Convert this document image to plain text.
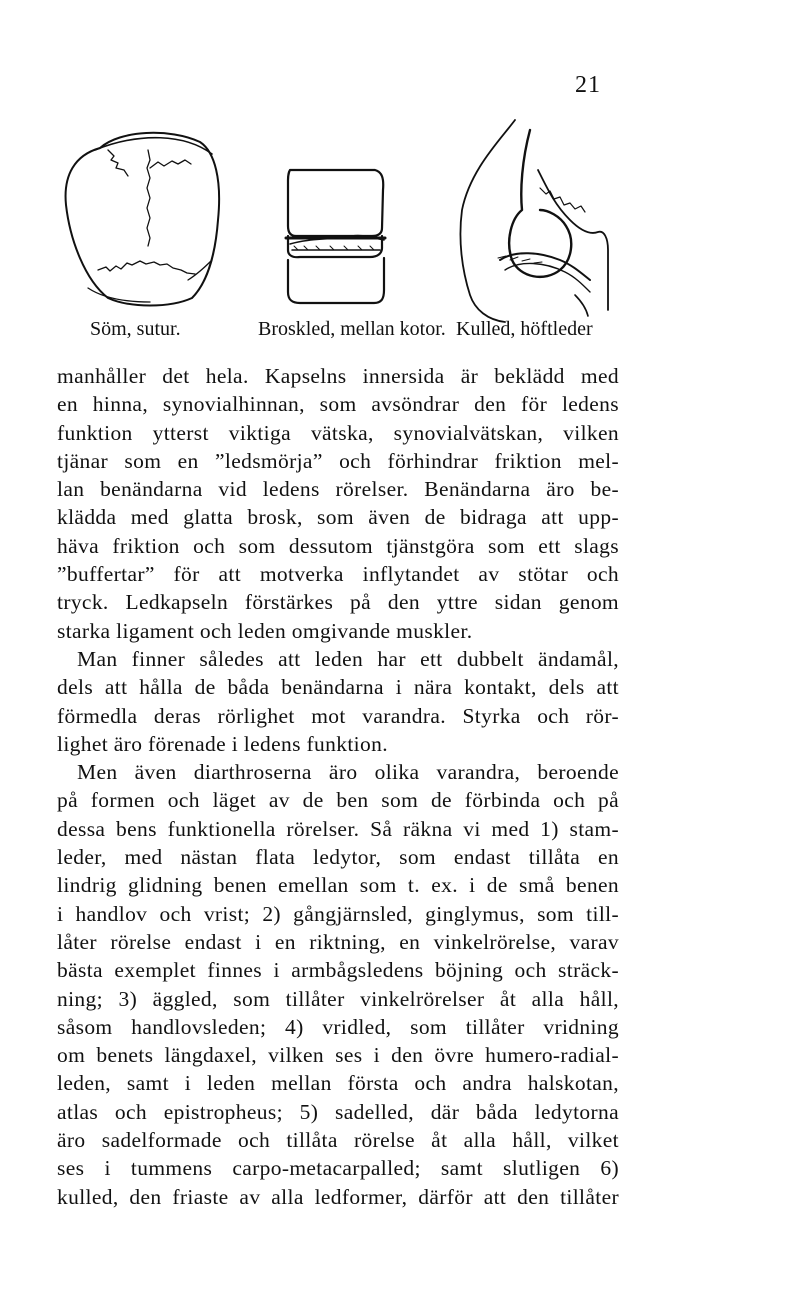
21
Söm, sutur.	Broskled, mellan kotor. Kulled, höftleder
manhåller det hela. Kapselns innersida är beklädd med
en hinna, synovialhinnan, som avsöndrar den för ledens
funktion ytterst viktiga vätska, synovialvätskan, vilken
tjänar som en ”ledsmörja” och förhindrar friktion mel-
lan benändarna vid ledens rörelser. Benändarna äro be-
klädda med glatta brosk, som även de bidraga att upp-
häva friktion och som dessutom tjänstgöra som ett slags
”buffertar” för att motverka inflytandet av stötar och
tryck. Ledkapseln förstärkes på den yttre sidan genom
starka ligament och leden omgivande muskler.
Man finner således att leden har ett dubbelt ändamål,
dels att hålla de båda benändarna i nära kontakt, dels att
förmedla deras rörlighet mot varandra. Styrka och rör-
lighet äro förenade i ledens funktion.
Men även diarthroserna äro olika varandra, beroende
på formen och läget av de ben som de förbinda och på
dessa bens funktionella rörelser. Så räkna vi med 1) stam-
leder, med nästan flata ledytor, som endast tillåta en
lindrig glidning benen emellan som t. ex. i de små benen
i handlov och vrist; 2) gångjärnsled, ginglymus, som till-
låter rörelse endast i en riktning, en vinkelrörelse, varav
bästa exemplet finnes i armbågsledens böjning och sträck-
ning; 3) äggled, som tillåter vinkelrörelser åt alla håll,
såsom handlovsleden; 4) vridled, som tillåter vridning
om benets längdaxel, vilken ses i den övre humero-radial-
leden, samt i leden mellan första och andra halskotan,
atlas och epistropheus; 5) sadelled, där båda ledytorna
äro sadelformade och tillåta rörelse åt alla håll, vilket
ses i tummens carpo-metacarpalled; samt slutligen 6)
kulled, den friaste av alla ledformer, därför att den tillåter
